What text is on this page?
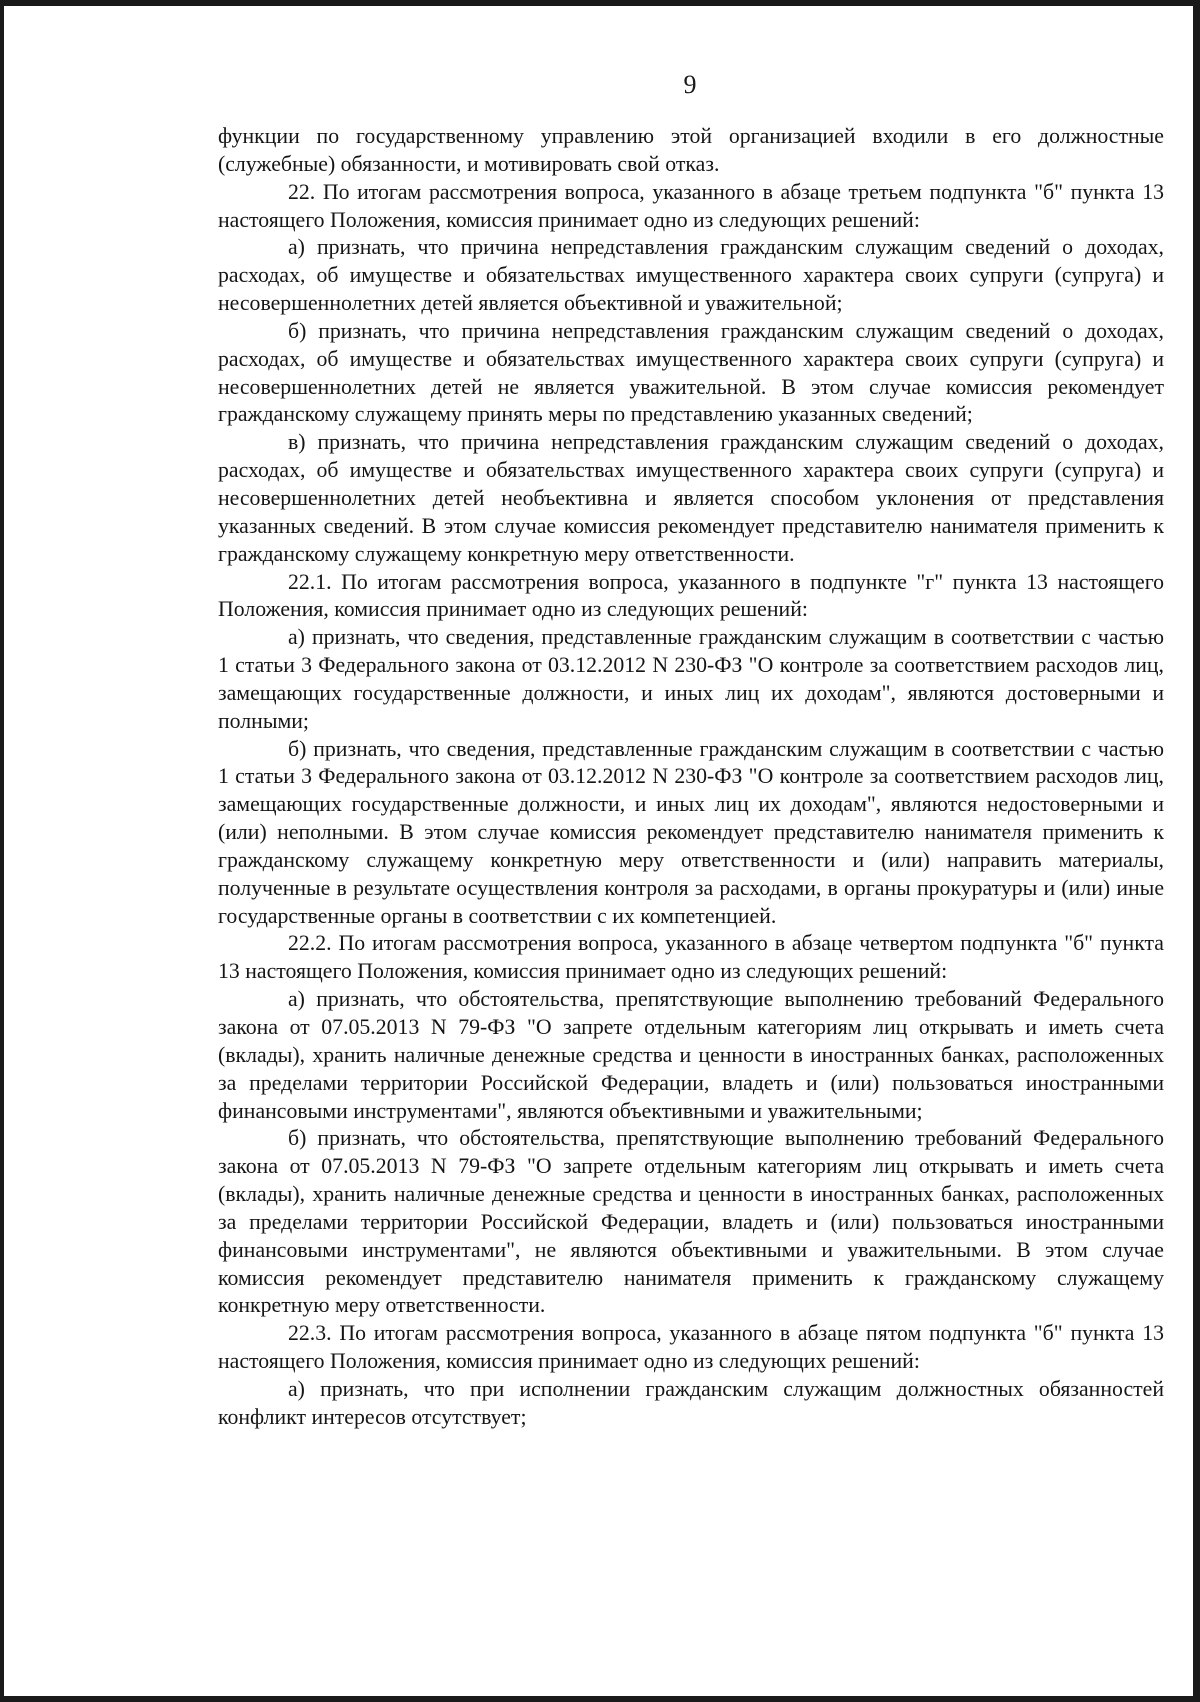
9

функции по государственному управлению этой организацией входили в его должностные (служебные) обязанности, и мотивировать свой отказ.

22. По итогам рассмотрения вопроса, указанного в абзаце третьем подпункта "б" пункта 13 настоящего Положения, комиссия принимает одно из следующих решений:

а) признать, что причина непредставления гражданским служащим сведений о доходах, расходах, об имуществе и обязательствах имущественного характера своих супруги (супруга) и несовершеннолетних детей является объективной и уважительной;

б) признать, что причина непредставления гражданским служащим сведений о доходах, расходах, об имуществе и обязательствах имущественного характера своих супруги (супруга) и несовершеннолетних детей не является уважительной. В этом случае комиссия рекомендует гражданскому служащему принять меры по представлению указанных сведений;

в) признать, что причина непредставления гражданским служащим сведений о доходах, расходах, об имуществе и обязательствах имущественного характера своих супруги (супруга) и несовершеннолетних детей необъективна и является способом уклонения от представления указанных сведений. В этом случае комиссия рекомендует представителю нанимателя применить к гражданскому служащему конкретную меру ответственности.

22.1. По итогам рассмотрения вопроса, указанного в подпункте "г" пункта 13 настоящего Положения, комиссия принимает одно из следующих решений:

а) признать, что сведения, представленные гражданским служащим в соответствии с частью 1 статьи 3 Федерального закона от 03.12.2012 N 230-ФЗ "О контроле за соответствием расходов лиц, замещающих государственные должности, и иных лиц их доходам", являются достоверными и полными;

б) признать, что сведения, представленные гражданским служащим в соответствии с частью 1 статьи 3 Федерального закона от 03.12.2012 N 230-ФЗ "О контроле за соответствием расходов лиц, замещающих государственные должности, и иных лиц их доходам", являются недостоверными и (или) неполными. В этом случае комиссия рекомендует представителю нанимателя применить к гражданскому служащему конкретную меру ответственности и (или) направить материалы, полученные в результате осуществления контроля за расходами, в органы прокуратуры и (или) иные государственные органы в соответствии с их компетенцией.

22.2. По итогам рассмотрения вопроса, указанного в абзаце четвертом подпункта "б" пункта 13 настоящего Положения, комиссия принимает одно из следующих решений:

а) признать, что обстоятельства, препятствующие выполнению требований Федерального закона от 07.05.2013 N 79-ФЗ "О запрете отдельным категориям лиц открывать и иметь счета (вклады), хранить наличные денежные средства и ценности в иностранных банках, расположенных за пределами территории Российской Федерации, владеть и (или) пользоваться иностранными финансовыми инструментами", являются объективными и уважительными;

б) признать, что обстоятельства, препятствующие выполнению требований Федерального закона от 07.05.2013 N 79-ФЗ "О запрете отдельным категориям лиц открывать и иметь счета (вклады), хранить наличные денежные средства и ценности в иностранных банках, расположенных за пределами территории Российской Федерации, владеть и (или) пользоваться иностранными финансовыми инструментами", не являются объективными и уважительными. В этом случае комиссия рекомендует представителю нанимателя применить к гражданскому служащему конкретную меру ответственности.

22.3. По итогам рассмотрения вопроса, указанного в абзаце пятом подпункта "б" пункта 13 настоящего Положения, комиссия принимает одно из следующих решений:

а) признать, что при исполнении гражданским служащим должностных обязанностей конфликт интересов отсутствует;
